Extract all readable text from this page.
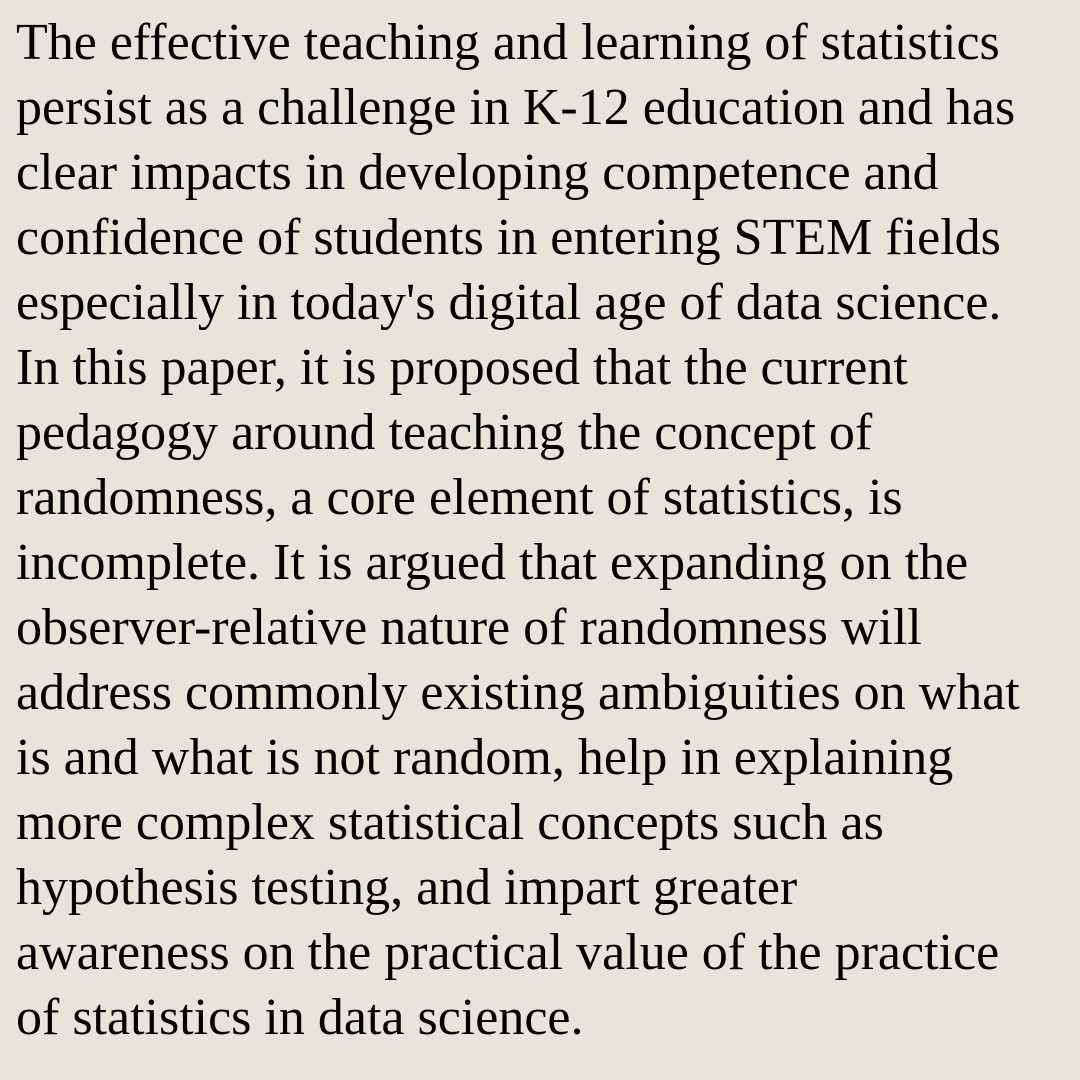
The effective teaching and learning of statistics
persist as a challenge in K-12 education and has
clear impacts in developing competence and
confidence of students in entering STEM fields
especially in today's digital age of data science.
In this paper, it is proposed that the current
pedagogy around teaching the concept of
randomness, a core element of statistics, is
incomplete. It is argued that expanding on the
observer-relative nature of randomness will
address commonly existing ambiguities on what
is and what is not random, help in explaining
more complex statistical concepts such as
hypothesis testing, and impart greater
awareness on the practical value of the practice
of statistics in data science.
